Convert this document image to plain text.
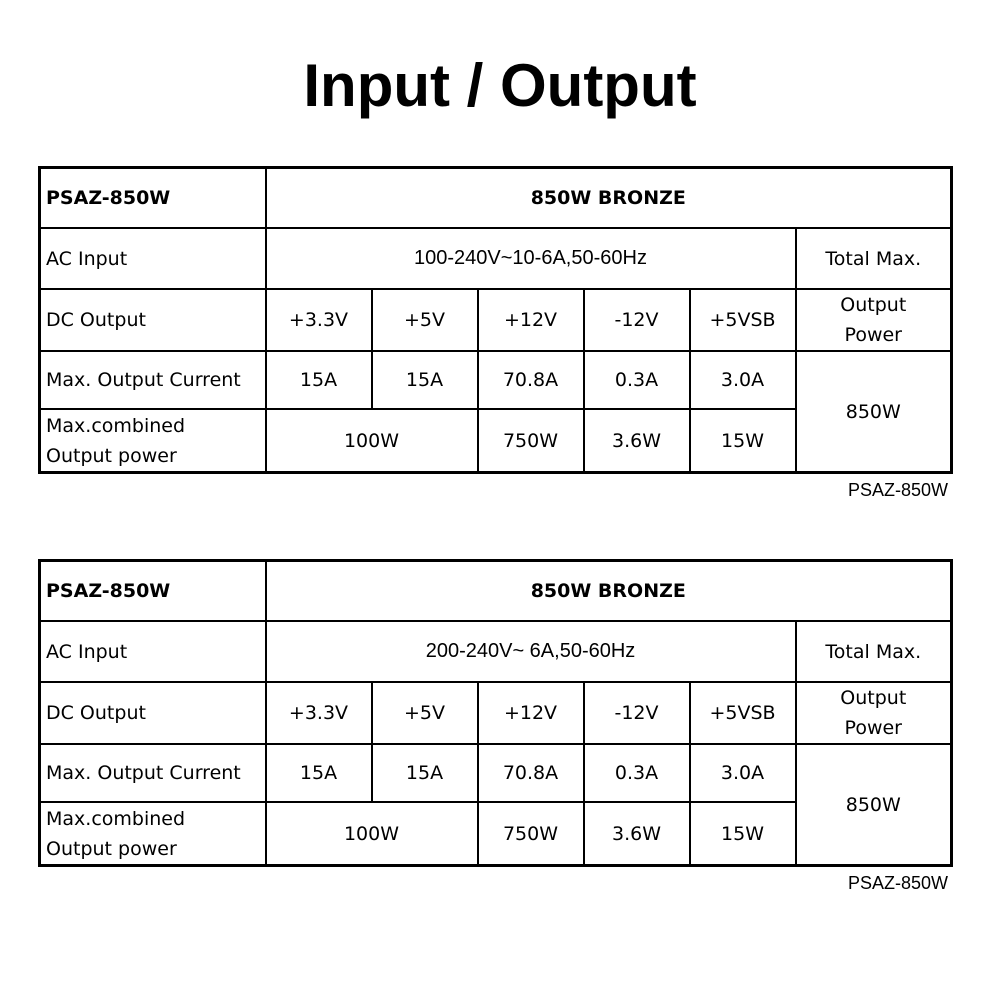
Input / Output
PSAZ-850W	850W BRONZE					
AC Input	100-240V~10-6A,50-60Hz					Total Max.
DC Output	+3.3V	+5V	+12V	-12V	+5VSB	Output
Power
Max. Output Current	15A	15A	70.8A	0.3A	3.0A	850W
Max.combined
Output power	100W		750W	3.6W	15W	
PSAZ-850W
PSAZ-850W	850W BRONZE					
AC Input	200-240V~ 6A,50-60Hz					Total Max.
DC Output	+3.3V	+5V	+12V	-12V	+5VSB	Output
Power
Max. Output Current	15A	15A	70.8A	0.3A	3.0A	850W
Max.combined
Output power	100W		750W	3.6W	15W	
PSAZ-850W
